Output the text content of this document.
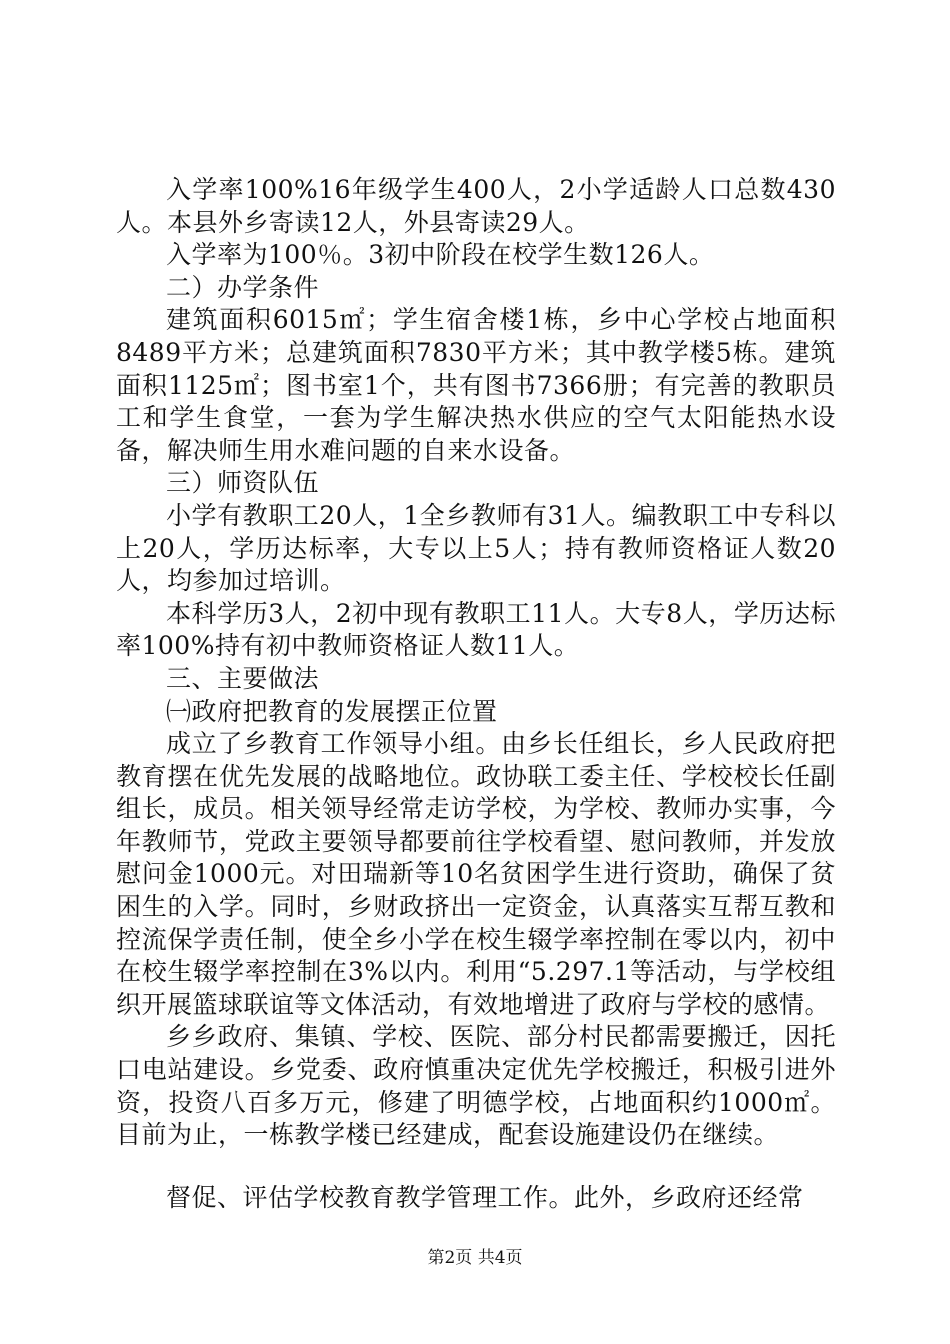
入学率100%16年级学生400人，2小学适龄人口总数430人。本县外乡寄读12人，外县寄读29人。

入学率为100％。3初中阶段在校学生数126人。

二）办学条件

建筑面积6015㎡；学生宿舍楼1栋，乡中心学校占地面积8489平方米；总建筑面积7830平方米；其中教学楼5栋。建筑面积1125㎡；图书室1个，共有图书7366册；有完善的教职员工和学生食堂，一套为学生解决热水供应的空气太阳能热水设备，解决师生用水难问题的自来水设备。

三）师资队伍

小学有教职工20人，1全乡教师有31人。编教职工中专科以上20人，学历达标率，大专以上5人；持有教师资格证人数20人，均参加过培训。

本科学历3人，2初中现有教职工11人。大专8人，学历达标率100%持有初中教师资格证人数11人。

三、主要做法

㈠政府把教育的发展摆正位置

成立了乡教育工作领导小组。由乡长任组长，乡人民政府把教育摆在优先发展的战略地位。政协联工委主任、学校校长任副组长，成员。相关领导经常走访学校，为学校、教师办实事，今年教师节，党政主要领导都要前往学校看望、慰问教师，并发放慰问金1000元。对田瑞新等10名贫困学生进行资助，确保了贫困生的入学。同时，乡财政挤出一定资金，认真落实互帮互教和控流保学责任制，使全乡小学在校生辍学率控制在零以内，初中在校生辍学率控制在3%以内。利用“5.297.1等活动，与学校组织开展篮球联谊等文体活动，有效地增进了政府与学校的感情。

乡乡政府、集镇、学校、医院、部分村民都需要搬迁，因托口电站建设。乡党委、政府慎重决定优先学校搬迁，积极引进外资，投资八百多万元，修建了明德学校，占地面积约1000㎡。目前为止，一栋教学楼已经建成，配套设施建设仍在继续。

督促、评估学校教育教学管理工作。此外，乡政府还经常

第2页 共4页
